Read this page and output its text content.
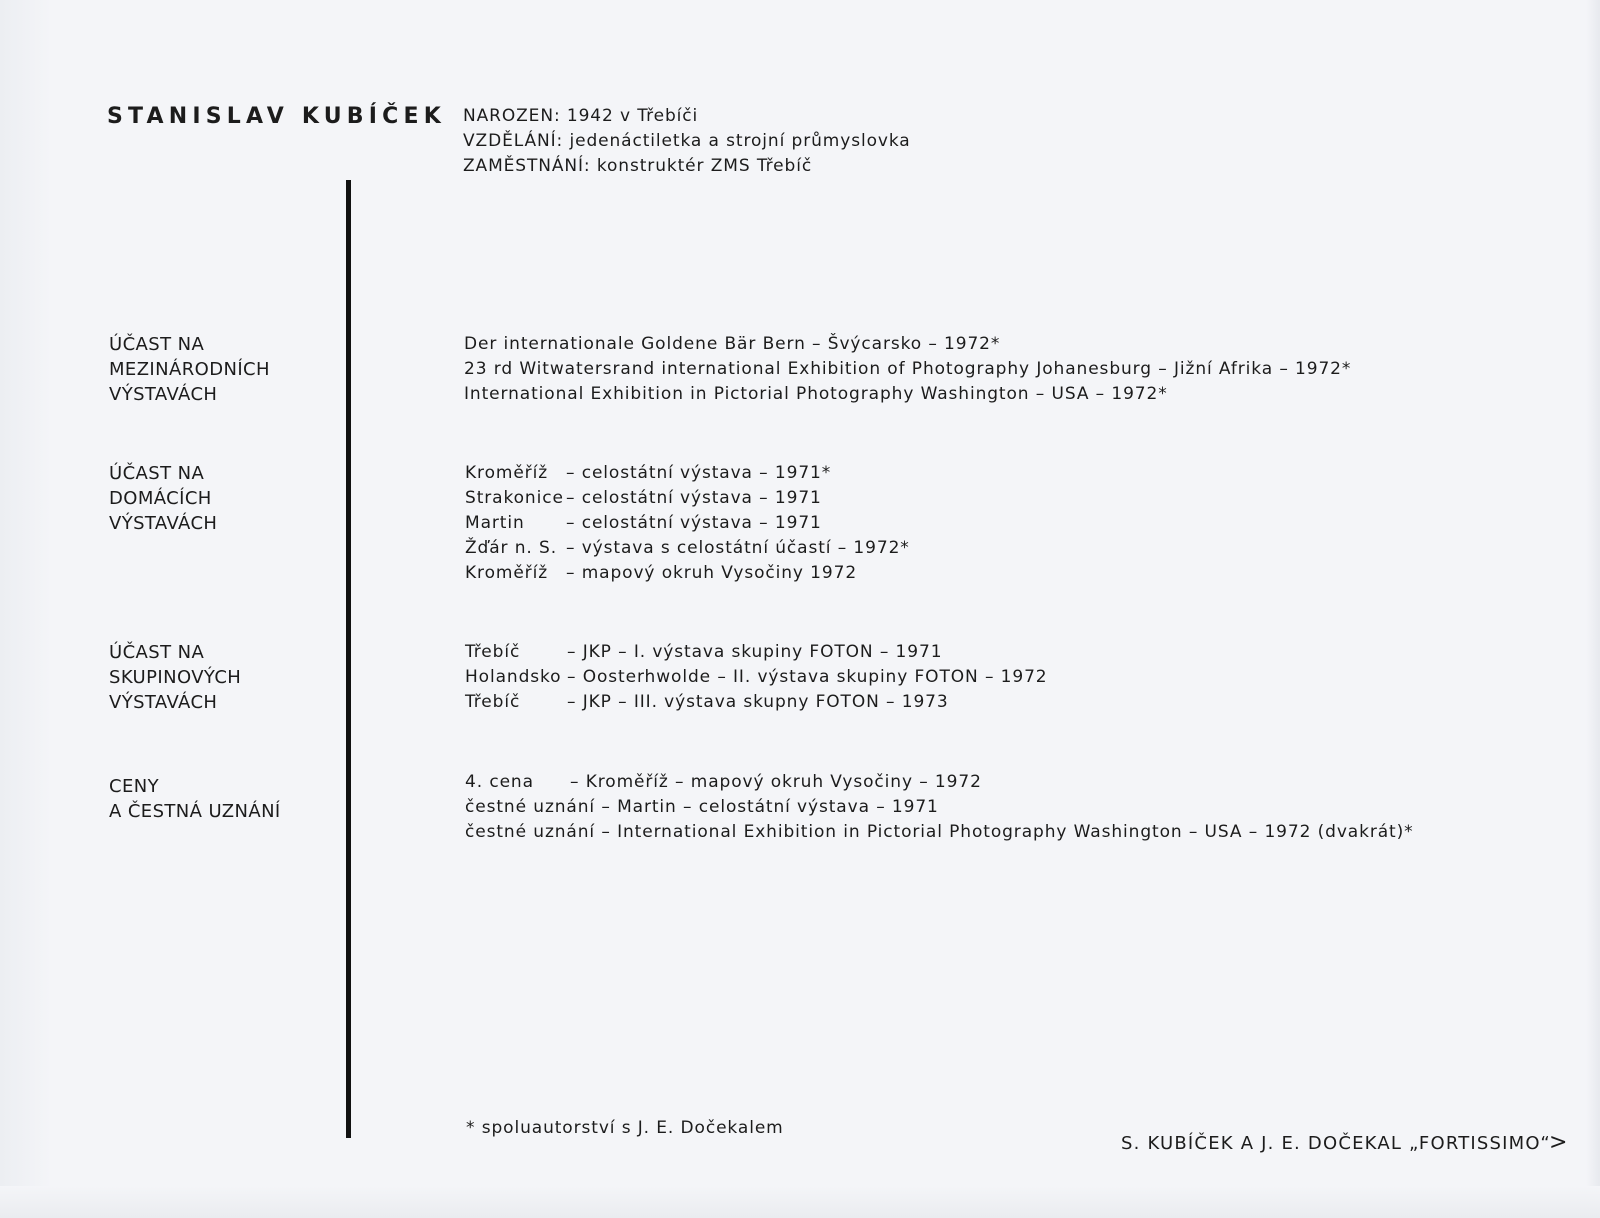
STANISLAV KUBÍČEK NAROZEN: 1942 v Třebíči
VZDĚLÁNÍ: jedenáctiletka a strojní průmyslovka
ZAMĚSTNÁNÍ: konstruktér ZMS Třebíč
ÚČAST NA
MEZINÁRODNÍCH
VÝSTAVÁCH
Der internationale Goldene Bär Bern – Švýcarsko – 1972*
23 rd Witwatersrand international Exhibition of Photography Johanesburg – Jižní Afrika – 1972*
International Exhibition in Pictorial Photography Washington – USA – 1972*
ÚČAST NA
DOMÁCÍCH
VÝSTAVÁCH
Kroměříž	– celostátní výstava – 1971*
Strakonice – celostátní výstava – 1971
Martin	– celostátní výstava – 1971
Žďár n. S. – výstava s celostátní účastí – 1972*
Kroměříž	– mapový okruh Vysočiny 1972
ÚČAST NA
SKUPINOVÝCH
VÝSTAVÁCH
Třebíč	– JKP – I. výstava skupiny FOTON – 1971
Holandsko – Oosterhwolde – II. výstava skupiny FOTON – 1972
Třebíč	– JKP – III. výstava skupny FOTON – 1973
CENY
A ČESTNÁ UZNÁNÍ
4. cena	– Kroměříž – mapový okruh Vysočiny – 1972
čestné uznání – Martin – celostátní výstava – 1971
čestné uznání – International Exhibition in Pictorial Photography Washington – USA – 1972 (dvakrát)*
* spoluautorství s J. E. Dočekalem
S. KUBÍČEK A J. E. DOČEKAL „FORTISSIMO“
>
